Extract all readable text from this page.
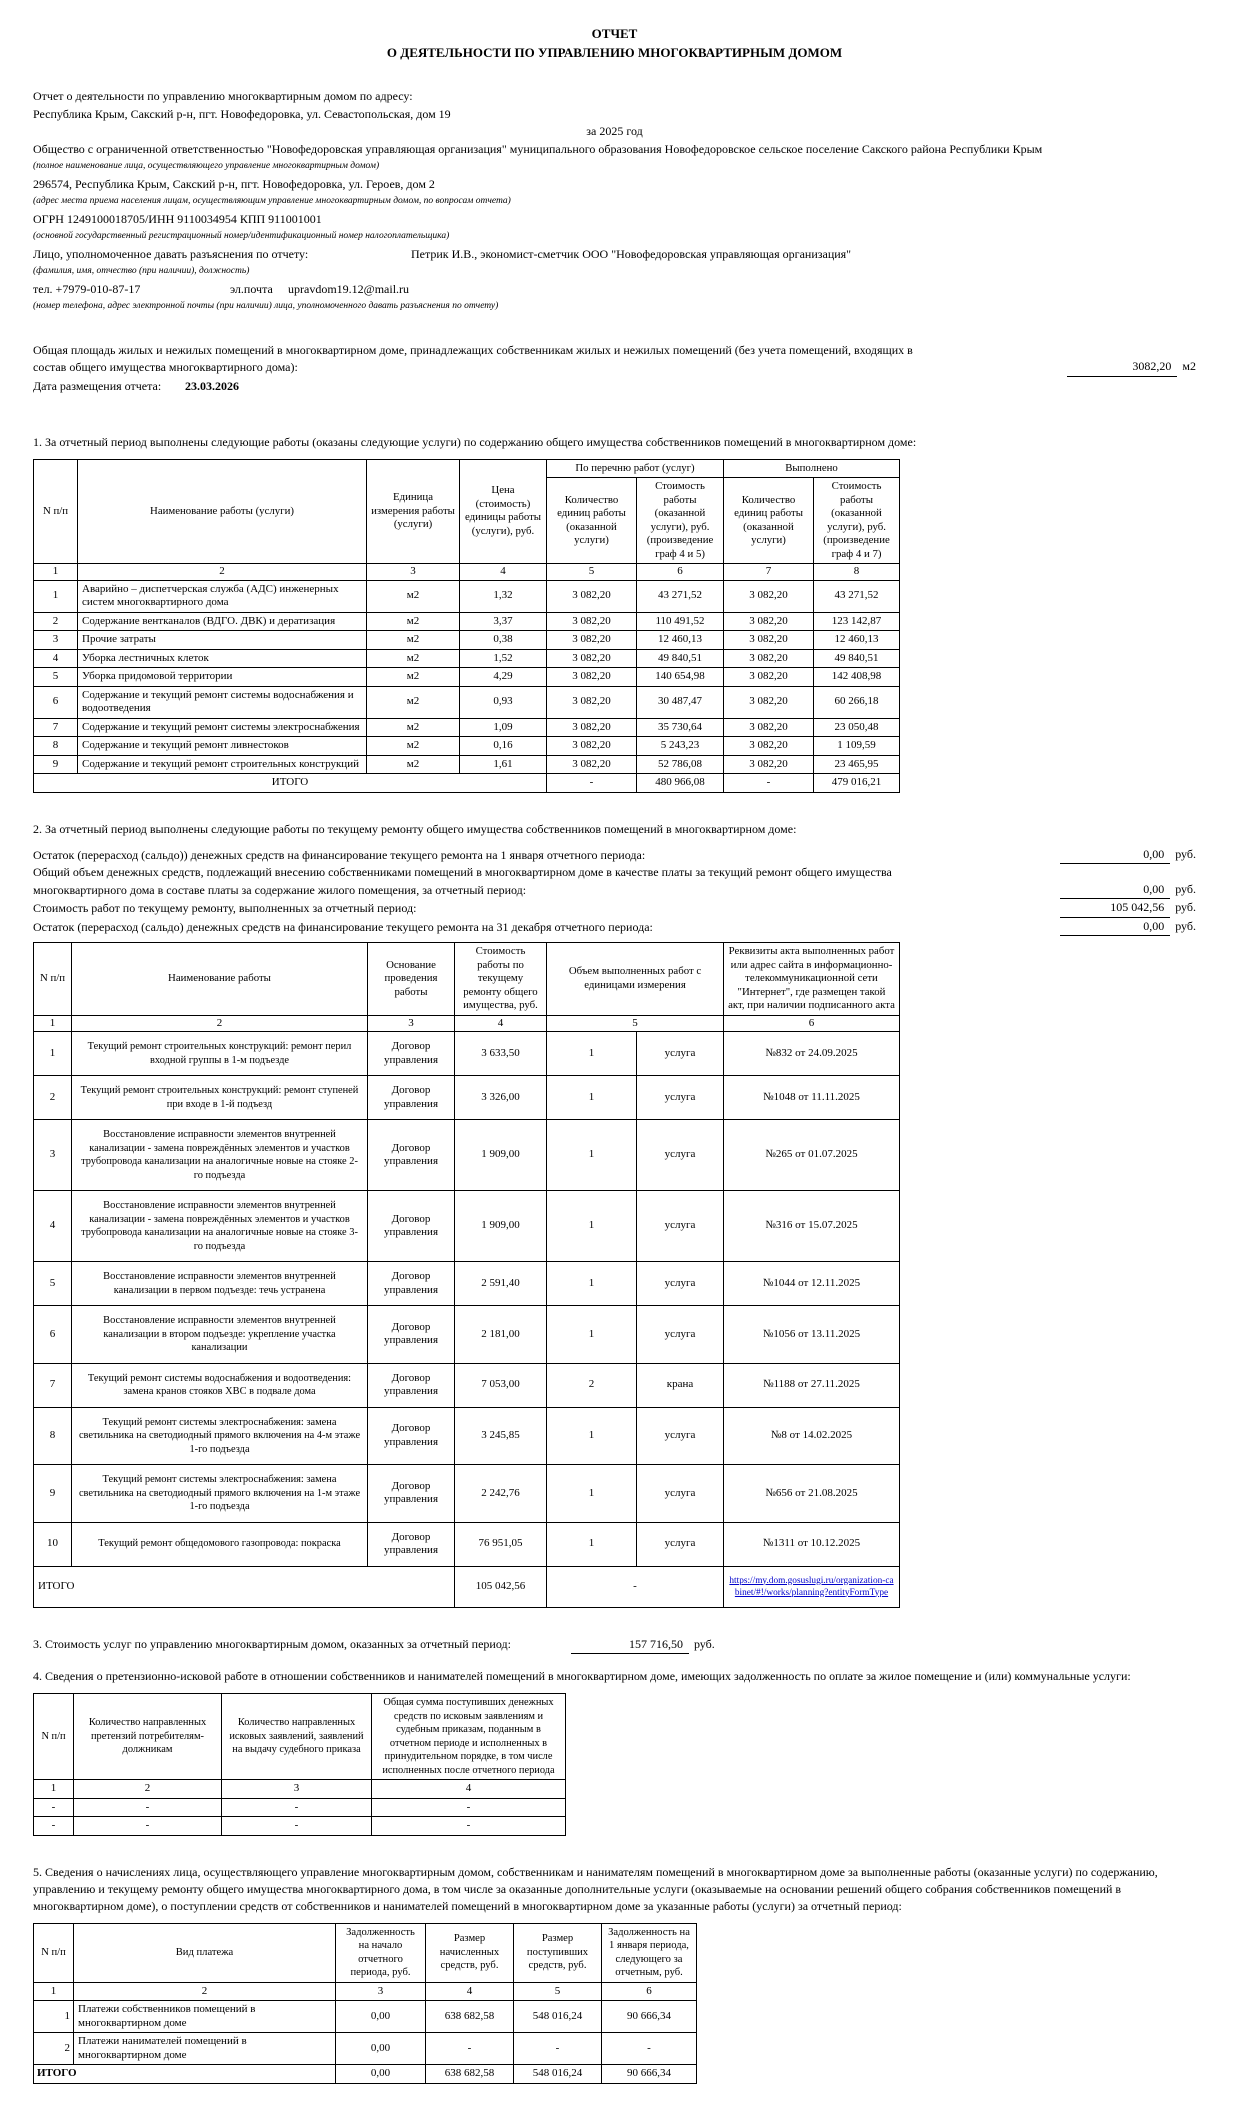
ОТЧЕТ
О ДЕЯТЕЛЬНОСТИ ПО УПРАВЛЕНИЮ МНОГОКВАРТИРНЫМ ДОМОМ

Отчет о деятельности по управлению многоквартирным домом по адресу:

Республика Крым, Сакский р-н, пгт. Новофедоровка, ул. Севастопольская, дом 19

за 2025 год

Общество с ограниченной ответственностью "Новофедоровская управляющая организация" муниципального образования Новофедоровское сельское поселение Сакского района Республики Крым

(полное наименование лица, осуществляющего управление многоквартирным домом)

296574, Республика Крым, Сакский р-н, пгт. Новофедоровка, ул. Героев, дом 2

(адрес места приема населения лицам, осуществляющим управление многоквартирным домом, по вопросам отчета)

ОГРН 1249100018705/ИНН 9110034954 КПП 911001001

(основной государственный регистрационный номер/идентификационный номер налогоплательщика)

Лицо, уполномоченное давать разъяснения по отчету:	Петрик И.В., экономист-сметчик ООО "Новофедоровская управляющая организация"

(фамилия, имя, отчество (при наличии), должность)

тел. +7979-010-87-17	эл.почта upravdom19.12@mail.ru

(номер телефона, адрес электронной почты (при наличии) лица, уполномоченного давать разъяснения по отчету)

Общая площадь жилых и нежилых помещений в многоквартирном доме, принадлежащих собственникам жилых и нежилых помещений (без учета помещений, входящих в состав общего имущества многоквартирного дома):	3082,20 м2

Дата размещения отчета: 23.03.2026

1. За отчетный период выполнены следующие работы (оказаны следующие услуги) по содержанию общего имущества собственников помещений в многоквартирном доме:

N п/п	Наименование работы (услуги)	Единица измерения работы (услуги)	Цена (стоимость) единицы работы (услуги), руб.	По перечню работ (услуг)		Выполнено	
				Количество единиц работы (оказанной услуги)	Стоимость работы (оказанной услуги), руб. (произведение граф 4 и 5)	Количество единиц работы (оказанной услуги)	Стоимость работы (оказанной услуги), руб. (произведение граф 4 и 7)
1	2	3	4	5	6	7	8
1	Аварийно – диспетчерская служба (АДС) инженерных систем многоквартирного дома	м2	1,32	3 082,20	43 271,52	3 082,20	43 271,52
2	Содержание вентканалов (ВДГО. ДВК) и дератизация	м2	3,37	3 082,20	110 491,52	3 082,20	123 142,87
3	Прочие затраты	м2	0,38	3 082,20	12 460,13	3 082,20	12 460,13
4	Уборка лестничных клеток	м2	1,52	3 082,20	49 840,51	3 082,20	49 840,51
5	Уборка придомовой территории	м2	4,29	3 082,20	140 654,98	3 082,20	142 408,98
6	Содержание и текущий ремонт системы водоснабжения и водоотведения	м2	0,93	3 082,20	30 487,47	3 082,20	60 266,18
7	Содержание и текущий ремонт системы электроснабжения	м2	1,09	3 082,20	35 730,64	3 082,20	23 050,48
8	Содержание и текущий ремонт ливнестоков	м2	0,16	3 082,20	5 243,23	3 082,20	1 109,59
9	Содержание и текущий ремонт строительных конструкций	м2	1,61	3 082,20	52 786,08	3 082,20	23 465,95
ИТОГО				-	480 966,08	-	479 016,21

2. За отчетный период выполнены следующие работы по текущему ремонту общего имущества собственников помещений в многоквартирном доме:

Остаток (перерасход (сальдо)) денежных средств на финансирование текущего ремонта на 1 января отчетного периода:	0,00 руб.
Общий объем денежных средств, подлежащий внесению собственниками помещений в многоквартирном доме в качестве платы за текущий ремонт общего имущества многоквартирного дома в составе платы за содержание жилого помещения, за отчетный период:	0,00 руб.
Стоимость работ по текущему ремонту, выполненных за отчетный период:	105 042,56 руб.
Остаток (перерасход (сальдо) денежных средств на финансирование текущего ремонта на 31 декабря отчетного периода:	0,00 руб.
N п/п	Наименование работы	Основание проведения работы	Стоимость работы по текущему ремонту общего имущества, руб.	Объем выполненных работ с единицами измерения		Реквизиты акта выполненных работ или адрес сайта в информационно-телекоммуникационной сети "Интернет", где размещен такой акт, при наличии подписанного акта
1	2	3	4	5		6
1	Текущий ремонт строительных конструкций: ремонт перил входной группы в 1-м подъезде	Договор управления	3 633,50	1	услуга	№832 от 24.09.2025
2	Текущий ремонт строительных конструкций: ремонт ступеней при входе в 1-й подъезд	Договор управления	3 326,00	1	услуга	№1048 от 11.11.2025
3	Восстановление исправности элементов внутренней канализации - замена повреждённых элементов и участков трубопровода канализации на аналогичные новые на стояке 2-го подъезда	Договор управления	1 909,00	1	услуга	№265 от 01.07.2025
4	Восстановление исправности элементов внутренней канализации - замена повреждённых элементов и участков трубопровода канализации на аналогичные новые на стояке 3-го подъезда	Договор управления	1 909,00	1	услуга	№316 от 15.07.2025
5	Восстановление исправности элементов внутренней канализации в первом подъезде: течь устранена	Договор управления	2 591,40	1	услуга	№1044 от 12.11.2025
6	Восстановление исправности элементов внутренней канализации в втором подъезде: укрепление участка канализации	Договор управления	2 181,00	1	услуга	№1056 от 13.11.2025
7	Текущий ремонт системы водоснабжения и водоотведения: замена кранов стояков ХВС в подвале дома	Договор управления	7 053,00	2	крана	№1188 от 27.11.2025
8	Текущий ремонт системы электроснабжения: замена светильника на светодиодный прямого включения на 4-м этаже 1-го подъезда	Договор управления	3 245,85	1	услуга	№8 от 14.02.2025
9	Текущий ремонт системы электроснабжения: замена светильника на светодиодный прямого включения на 1-м этаже 1-го подъезда	Договор управления	2 242,76	1	услуга	№656 от 21.08.2025
10	Текущий ремонт общедомового газопровода: покраска	Договор управления	76 951,05	1	услуга	№1311 от 10.12.2025
ИТОГО			105 042,56	-		https://my.dom.gosuslugi.ru/organization-cabinet/#!/works/planning?entityFormType

3. Стоимость услуг по управлению многоквартирным домом, оказанных за отчетный период:	157 716,50 руб.

4. Сведения о претензионно-исковой работе в отношении собственников и нанимателей помещений в многоквартирном доме, имеющих задолженность по оплате за жилое помещение и (или) коммунальные услуги:

N п/п	Количество направленных претензий потребителям-должникам	Количество направленных исковых заявлений, заявлений на выдачу судебного приказа	Общая сумма поступивших денежных средств по исковым заявлениям и судебным приказам, поданным в отчетном периоде и исполненных в принудительном порядке, в том числе исполненных после отчетного периода
1	2	3	4
-	-	-	-
-	-	-	-

5. Сведения о начислениях лица, осуществляющего управление многоквартирным домом, собственникам и нанимателям помещений в многоквартирном доме за выполненные работы (оказанные услуги) по содержанию, управлению и текущему ремонту общего имущества многоквартирного дома, в том числе за оказанные дополнительные услуги (оказываемые на основании решений общего собрания собственников помещений в многоквартирном доме), о поступлении средств от собственников и нанимателей помещений в многоквартирном доме за указанные работы (услуги) за отчетный период:

N п/п	Вид платежа	Задолженность на начало отчетного периода, руб.	Размер начисленных средств, руб.	Размер поступивших средств, руб.	Задолженность на 1 января периода, следующего за отчетным, руб.
1	2	3	4	5	6
1	Платежи собственников помещений в многоквартирном доме	0,00	638 682,58	548 016,24	90 666,34
2	Платежи нанимателей помещений в многоквартирном доме	0,00	-	-	-
ИТОГО		0,00	638 682,58	548 016,24	90 666,34
